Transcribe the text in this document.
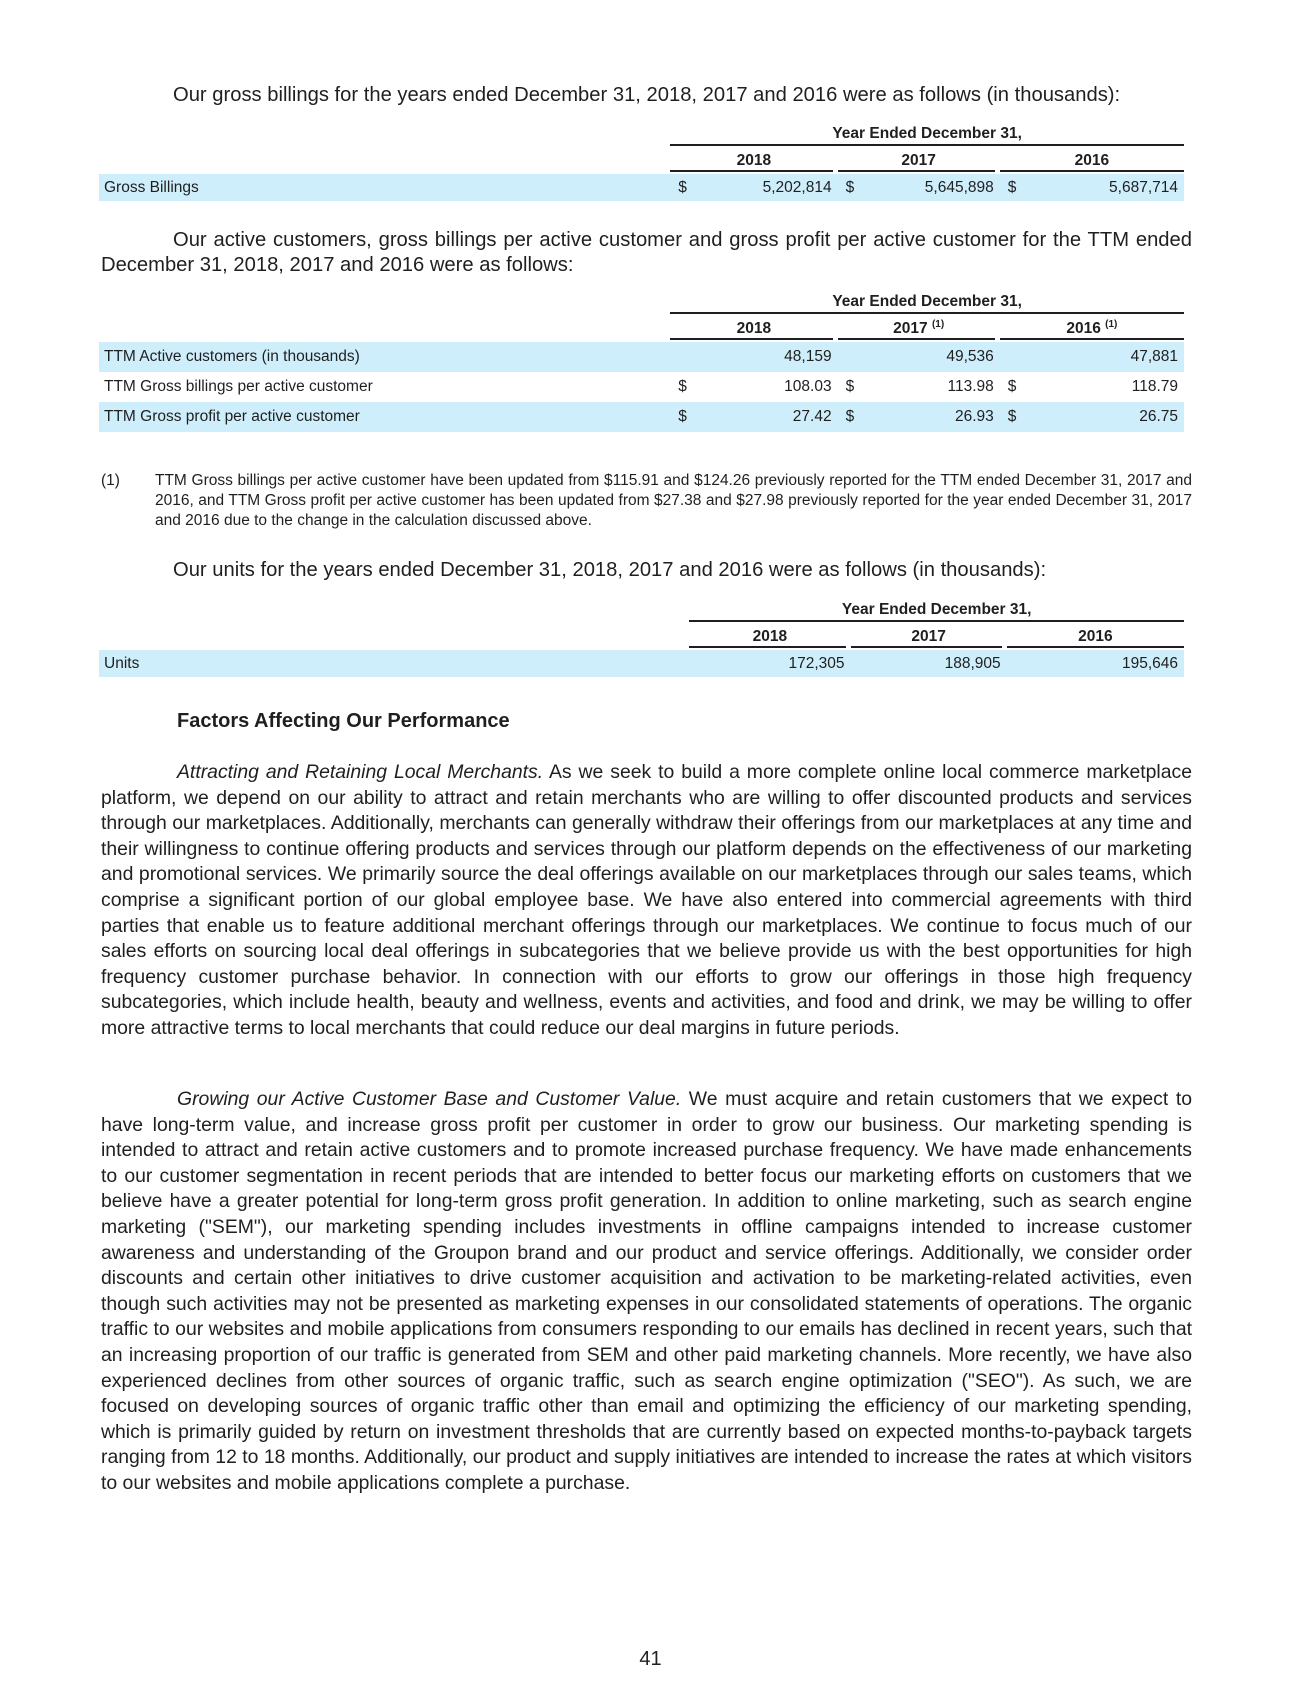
Our gross billings for the years ended December 31, 2018, 2017 and 2016 were as follows (in thousands):

	Year Ended December 31,					

	2018		2017		2016	

Gross Billings	$	5,202,814	$	5,645,898	$	5,687,714

Our active customers, gross billings per active customer and gross profit per active customer for the TTM ended December 31, 2018, 2017 and 2016 were as follows:

	Year Ended December 31,					

	2018		2017 $^{(1)}$		2016 $^{(1)}$

TTM Active customers (in thousands)		48,159		49,536		47,881
TTM Gross billings per active customer	$	108.03	$	113.98	$	118.79
TTM Gross profit per active customer	$	27.42	$	26.93	$	26.75
(1)	TTM Gross billings per active customer have been updated from $115.91 and $124.26 previously reported for the TTM ended December 31, 2017 and 2016, and TTM Gross profit per active customer has been updated from $27.38 and $27.98 previously reported for the year ended December 31, 2017 and 2016 due to the change in the calculation discussed above.

Our units for the years ended December 31, 2018, 2017 and 2016 were as follows (in thousands):

	Year Ended December 31,		

	2018	2017	2016

Units	172,305	188,905	195,646

Factors Affecting Our Performance

Attracting and Retaining Local Merchants. As we seek to build a more complete online local commerce marketplace platform, we depend on our ability to attract and retain merchants who are willing to offer discounted products and services through our marketplaces. Additionally, merchants can generally withdraw their offerings from our marketplaces at any time and their willingness to continue offering products and services through our platform depends on the effectiveness of our marketing and promotional services. We primarily source the deal offerings available on our marketplaces through our sales teams, which comprise a significant portion of our global employee base. We have also entered into commercial agreements with third parties that enable us to feature additional merchant offerings through our marketplaces. We continue to focus much of our sales efforts on sourcing local deal offerings in subcategories that we believe provide us with the best opportunities for high frequency customer purchase behavior. In connection with our efforts to grow our offerings in those high frequency subcategories, which include health, beauty and wellness, events and activities, and food and drink, we may be willing to offer more attractive terms to local merchants that could reduce our deal margins in future periods.

Growing our Active Customer Base and Customer Value. We must acquire and retain customers that we expect to have long-term value, and increase gross profit per customer in order to grow our business. Our marketing spending is intended to attract and retain active customers and to promote increased purchase frequency. We have made enhancements to our customer segmentation in recent periods that are intended to better focus our marketing efforts on customers that we believe have a greater potential for long-term gross profit generation. In addition to online marketing, such as search engine marketing ("SEM"), our marketing spending includes investments in offline campaigns intended to increase customer awareness and understanding of the Groupon brand and our product and service offerings. Additionally, we consider order discounts and certain other initiatives to drive customer acquisition and activation to be marketing-related activities, even though such activities may not be presented as marketing expenses in our consolidated statements of operations. The organic traffic to our websites and mobile applications from consumers responding to our emails has declined in recent years, such that an increasing proportion of our traffic is generated from SEM and other paid marketing channels. More recently, we have also experienced declines from other sources of organic traffic, such as search engine optimization ("SEO"). As such, we are focused on developing sources of organic traffic other than email and optimizing the efficiency of our marketing spending, which is primarily guided by return on investment thresholds that are currently based on expected months-to-payback targets ranging from 12 to 18 months. Additionally, our product and supply initiatives are intended to increase the rates at which visitors to our websites and mobile applications complete a purchase.

41
